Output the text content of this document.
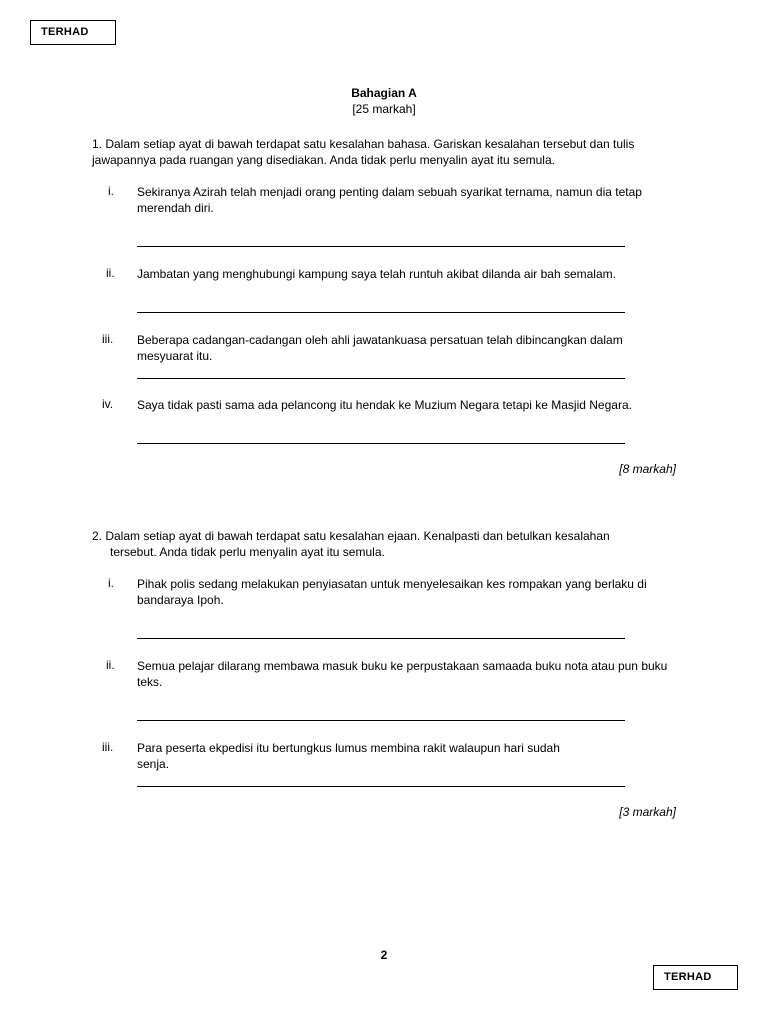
TERHAD
Bahagian A
[25 markah]
1. Dalam setiap ayat di bawah terdapat satu kesalahan bahasa. Gariskan kesalahan tersebut dan tulis
jawapannya pada ruangan yang disediakan. Anda tidak perlu menyalin ayat itu semula.
i. Sekiranya Azirah telah menjadi orang penting dalam sebuah syarikat ternama, namun dia tetap merendah diri.
ii. Jambatan yang menghubungi kampung saya telah runtuh akibat dilanda air bah semalam.
iii. Beberapa cadangan-cadangan oleh ahli jawatankuasa persatuan telah dibincangkan dalam mesyuarat itu.
iv. Saya tidak pasti sama ada pelancong itu hendak ke Muzium Negara tetapi ke Masjid Negara.
[8 markah]
2. Dalam setiap ayat di bawah terdapat satu kesalahan ejaan. Kenalpasti dan betulkan kesalahan
tersebut. Anda tidak perlu menyalin ayat itu semula.
i. Pihak polis sedang melakukan penyiasatan untuk menyelesaikan kes rompakan yang berlaku di bandaraya Ipoh.
ii. Semua pelajar dilarang membawa masuk buku ke perpustakaan samaada buku nota atau pun buku teks.
iii. Para peserta ekpedisi itu bertungkus lumus membina rakit walaupun hari sudah senja.
[3 markah]
2
TERHAD
